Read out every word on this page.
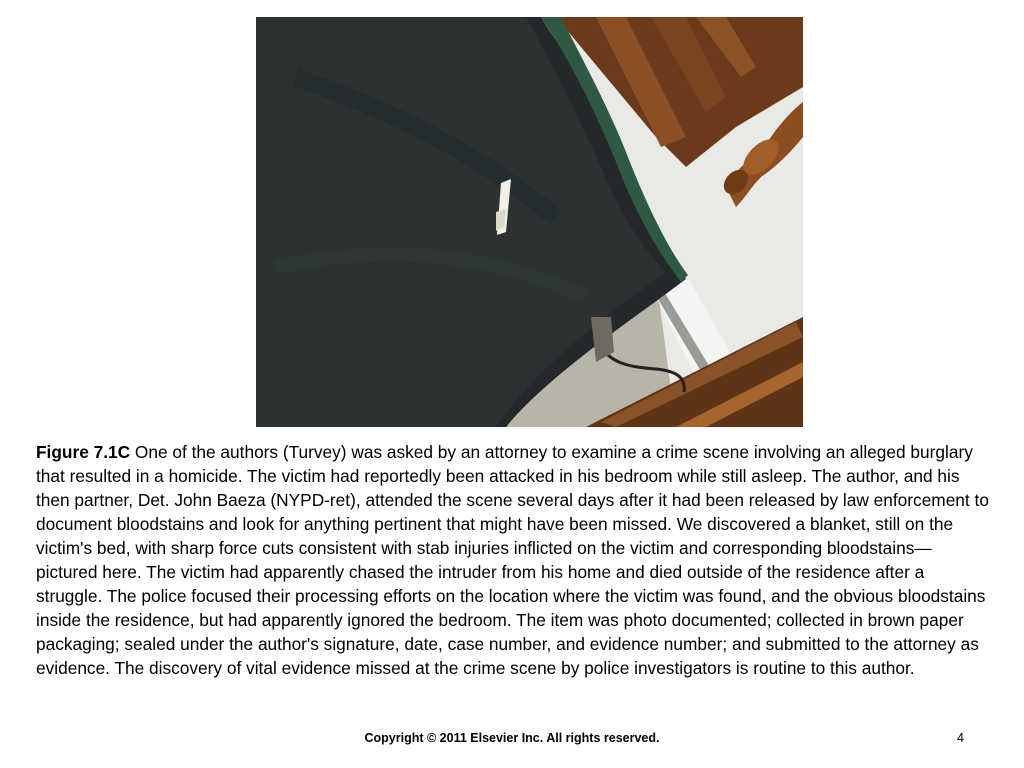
Figure 7.1C One of the authors (Turvey) was asked by an attorney to examine a crime scene involving an alleged burglary that resulted in a homicide. The victim had reportedly been attacked in his bedroom while still asleep. The author, and his then partner, Det. John Baeza (NYPD-ret), attended the scene several days after it had been released by law enforcement to document bloodstains and look for anything pertinent that might have been missed. We discovered a blanket, still on the victim's bed, with sharp force cuts consistent with stab injuries inflicted on the victim and corresponding bloodstains—pictured here. The victim had apparently chased the intruder from his home and died outside of the residence after a struggle. The police focused their processing efforts on the location where the victim was found, and the obvious bloodstains inside the residence, but had apparently ignored the bedroom. The item was photo documented; collected in brown paper packaging; sealed under the author's signature, date, case number, and evidence number; and submitted to the attorney as evidence. The discovery of vital evidence missed at the crime scene by police investigators is routine to this author.

Copyright © 2011 Elsevier Inc. All rights reserved.	4
